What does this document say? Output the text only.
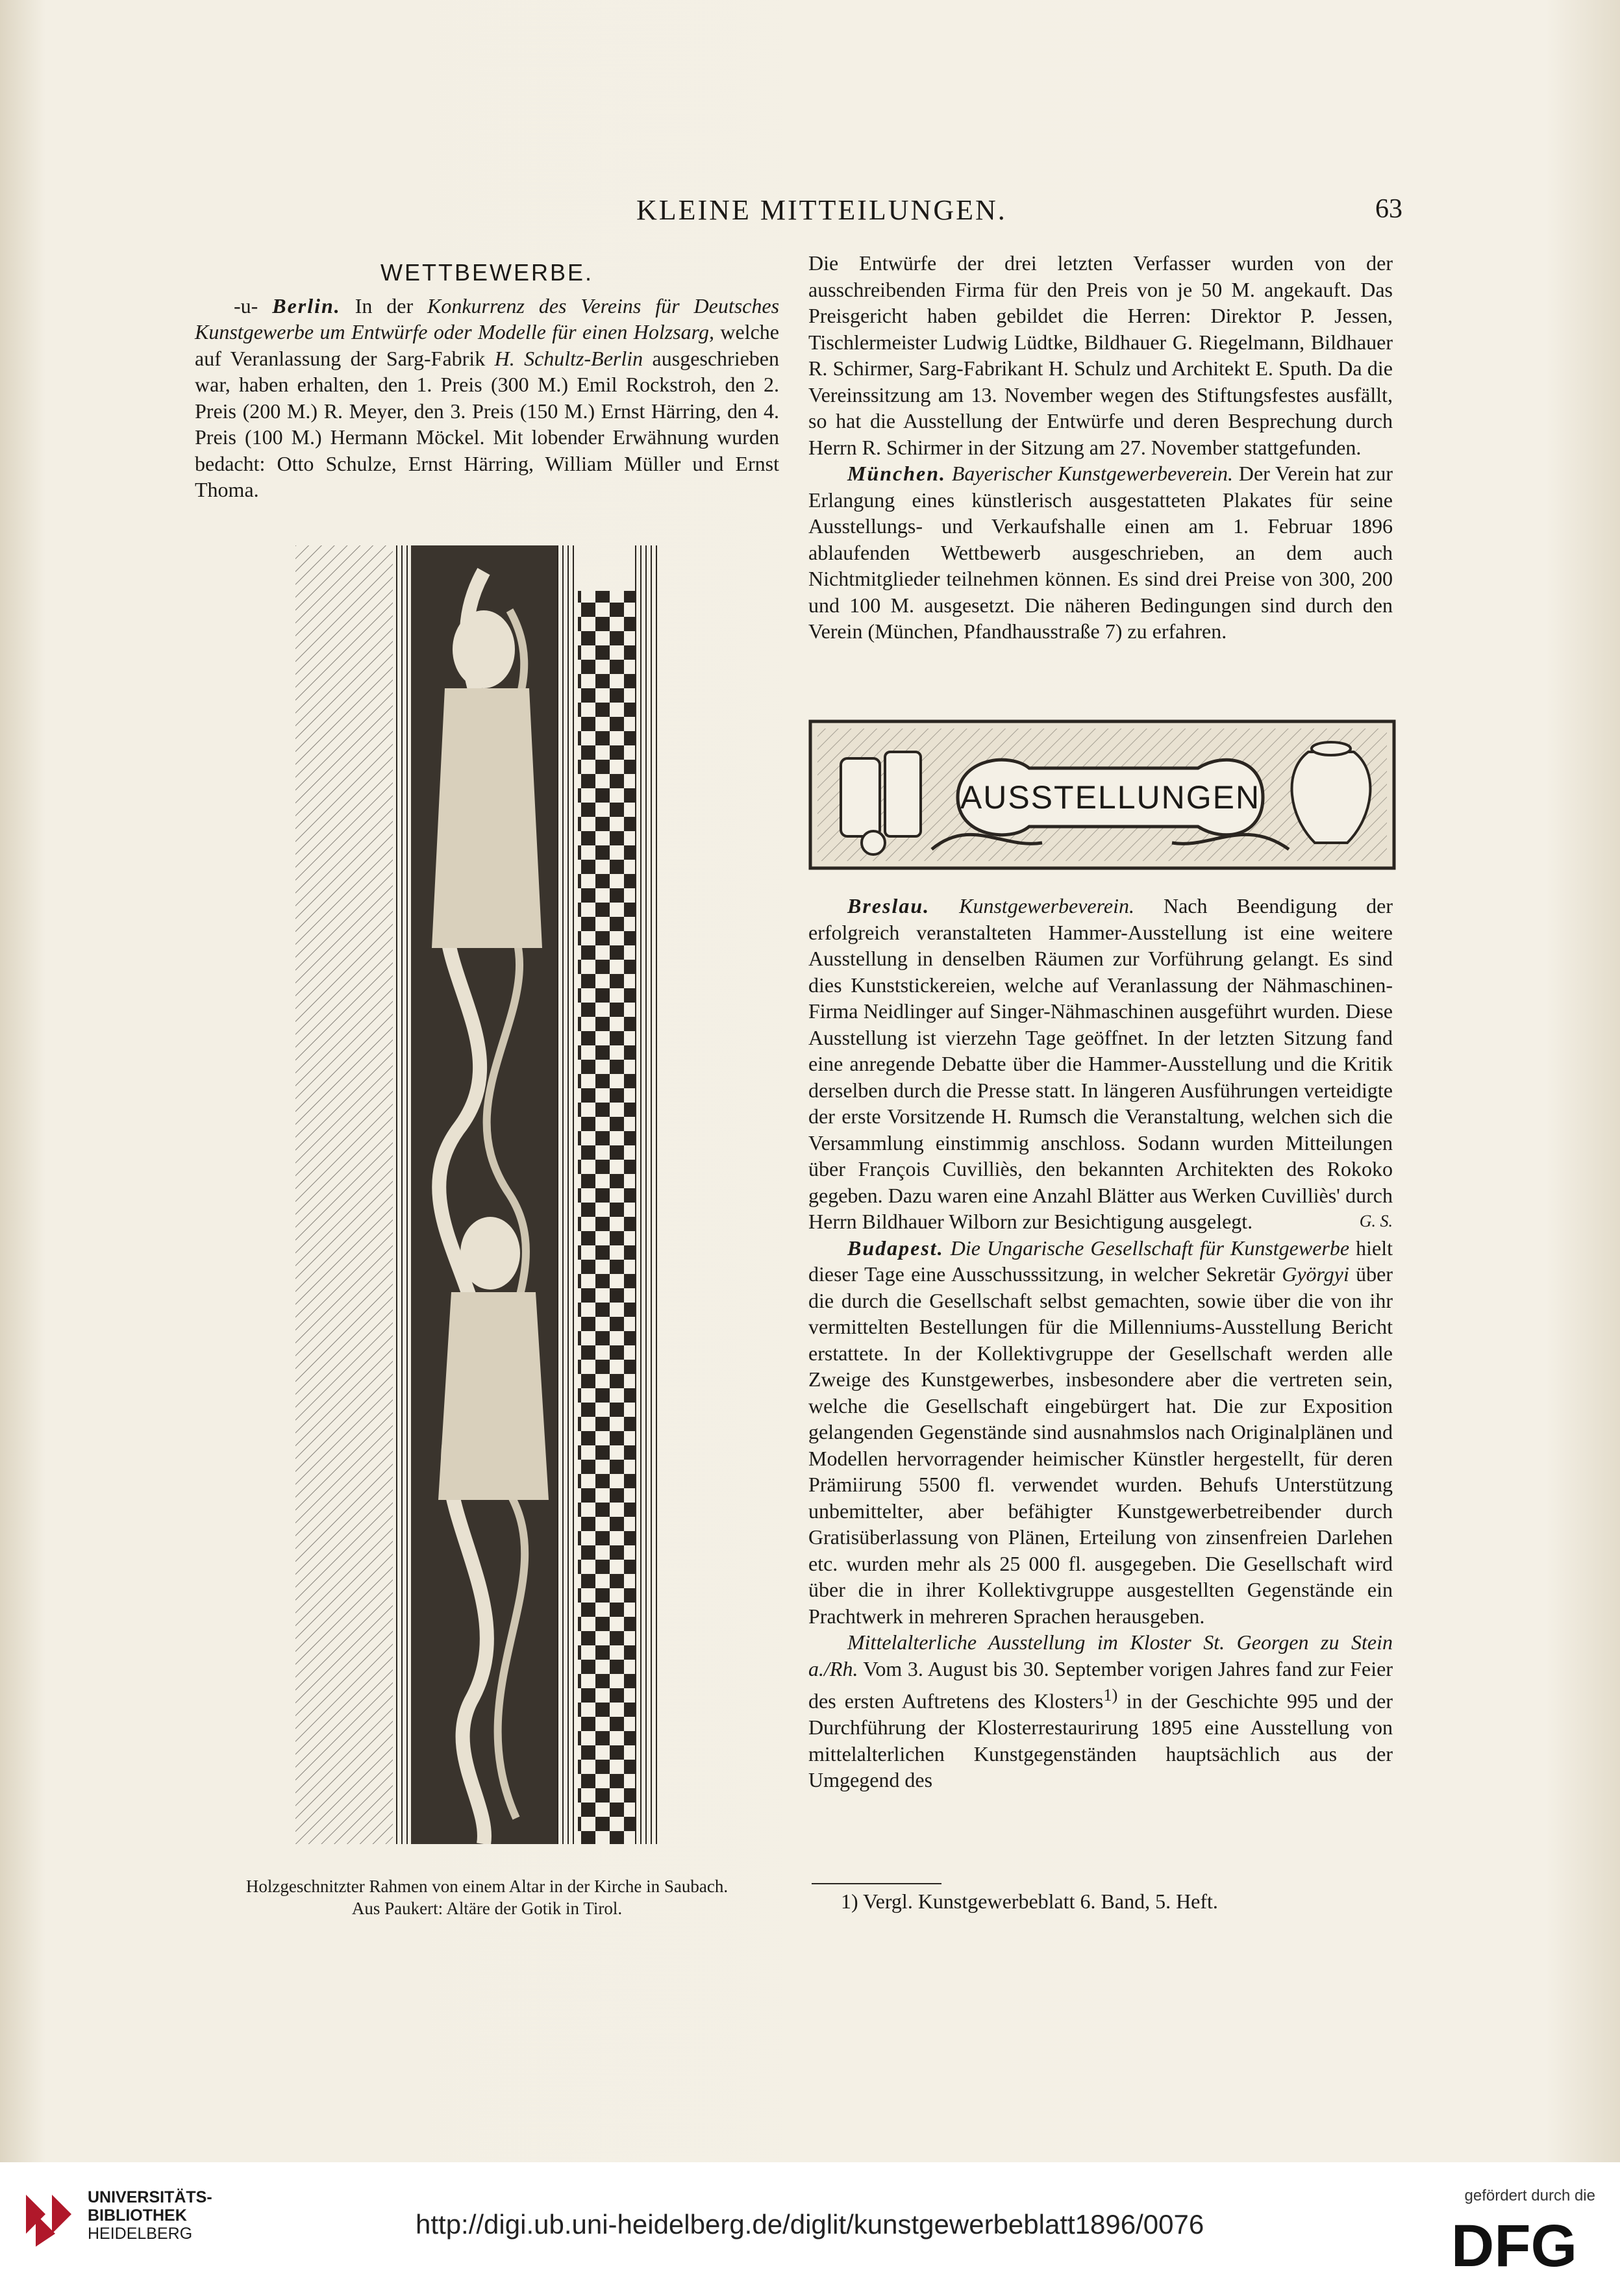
KLEINE MITTEILUNGEN.	63

WETTBEWERBE.

-u- Berlin. In der Konkurrenz des Vereins für Deutsches Kunstgewerbe um Entwürfe oder Modelle für einen Holzsarg, welche auf Veranlassung der Sarg-Fabrik H. Schultz-Berlin ausgeschrieben war, haben erhalten, den 1. Preis (300 M.) Emil Rockstroh, den 2. Preis (200 M.) R. Meyer, den 3. Preis (150 M.) Ernst Härring, den 4. Preis (100 M.) Hermann Möckel. Mit lobender Erwähnung wurden bedacht: Otto Schulze, Ernst Härring, William Müller und Ernst Thoma.

Holzgeschnitzter Rahmen von einem Altar in der Kirche in Saubach.
Aus Paukert: Altäre der Gotik in Tirol.

Die Entwürfe der drei letzten Verfasser wurden von der ausschreibenden Firma für den Preis von je 50 M. angekauft. Das Preisgericht haben gebildet die Herren: Direktor P. Jessen, Tischlermeister Ludwig Lüdtke, Bildhauer G. Riegelmann, Bildhauer R. Schirmer, Sarg-Fabrikant H. Schulz und Architekt E. Sputh. Da die Vereinssitzung am 13. November wegen des Stiftungsfestes ausfällt, so hat die Ausstellung der Entwürfe und deren Besprechung durch Herrn R. Schirmer in der Sitzung am 27. November stattgefunden.

München. Bayerischer Kunstgewerbeverein. Der Verein hat zur Erlangung eines künstlerisch ausgestatteten Plakates für seine Ausstellungs- und Verkaufshalle einen am 1. Februar 1896 ablaufenden Wettbewerb ausgeschrieben, an dem auch Nichtmitglieder teilnehmen können. Es sind drei Preise von 300, 200 und 100 M. ausgesetzt. Die näheren Bedingungen sind durch den Verein (München, Pfandhausstraße 7) zu erfahren.

AUSSTELLUNGEN

Breslau. Kunstgewerbeverein. Nach Beendigung der erfolgreich veranstalteten Hammer-Ausstellung ist eine weitere Ausstellung in denselben Räumen zur Vorführung gelangt. Es sind dies Kunststickereien, welche auf Veranlassung der Nähmaschinen-Firma Neidlinger auf Singer-Nähmaschinen ausgeführt wurden. Diese Ausstellung ist vierzehn Tage geöffnet. In der letzten Sitzung fand eine anregende Debatte über die Hammer-Ausstellung und die Kritik derselben durch die Presse statt. In längeren Ausführungen verteidigte der erste Vorsitzende H. Rumsch die Veranstaltung, welchen sich die Versammlung einstimmig anschloss. Sodann wurden Mitteilungen über François Cuvilliès, den bekannten Architekten des Rokoko gegeben. Dazu waren eine Anzahl Blätter aus Werken Cuvilliès' durch Herrn Bildhauer Wilborn zur Besichtigung ausgelegt.	G. S.

Budapest. Die Ungarische Gesellschaft für Kunstgewerbe hielt dieser Tage eine Ausschusssitzung, in welcher Sekretär Györgyi über die durch die Gesellschaft selbst gemachten, sowie über die von ihr vermittelten Bestellungen für die Millenniums-Ausstellung Bericht erstattete. In der Kollektivgruppe der Gesellschaft werden alle Zweige des Kunstgewerbes, insbesondere aber die vertreten sein, welche die Gesellschaft eingebürgert hat. Die zur Exposition gelangenden Gegenstände sind ausnahmslos nach Originalplänen und Modellen hervorragender heimischer Künstler hergestellt, für deren Prämiirung 5500 fl. verwendet wurden. Behufs Unterstützung unbemittelter, aber befähigter Kunstgewerbetreibender durch Gratisüberlassung von Plänen, Erteilung von zinsenfreien Darlehen etc. wurden mehr als 25 000 fl. ausgegeben. Die Gesellschaft wird über die in ihrer Kollektivgruppe ausgestellten Gegenstände ein Prachtwerk in mehreren Sprachen herausgeben.

Mittelalterliche Ausstellung im Kloster St. Georgen zu Stein a./Rh. Vom 3. August bis 30. September vorigen Jahres fand zur Feier des ersten Auftretens des Klosters$^{1)}$ in der Geschichte 995 und der Durchführung der Klosterrestaurirung 1895 eine Ausstellung von mittelalterlichen Kunstgegenständen hauptsächlich aus der Umgegend des

1) Vergl. Kunstgewerbeblatt 6. Band, 5. Heft.
UNIVERSITÄTS-
BIBLIOTHEK
HEIDELBERG	http://digi.ub.uni-heidelberg.de/diglit/kunstgewerbeblatt1896/0076
gefördert durch die
DFG
